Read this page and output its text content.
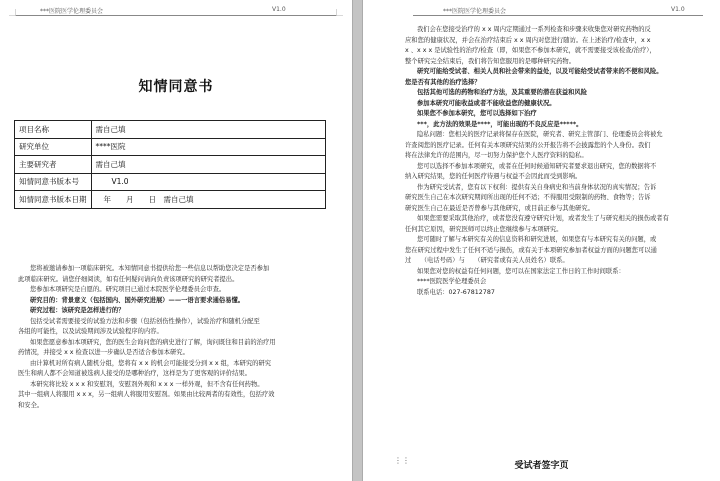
***医院医学伦理委员会	V1.0
知情同意书
项目名称	需自己填
研究单位	****医院
主要研究者	需自己填
知情同意书版本号	V1.0
知情同意书版本日期	年　　月　　日　需自己填

您将被邀请参加一项临床研究。本知情同意书提供给您一些信息以帮助您决定是否参加

此项临床研究。请您仔细阅读，如有任何疑问请向负责该项研究的研究者提出。

您参加本项研究是自愿的。研究项目已通过本院医学伦理委员会审查。

研究目的：背景意义（包括国内、国外研究进展）——一语言要求通俗易懂。

研究过程：该研究是怎样进行的？

包括受试者需要接受的试验方法和步骤（包括创伤性操作），试验治疗和随机分配至

各组的可能性，以及试验期间涉及试验程序的内容。

如果您愿意参加本项研究，您的医生会询问您的病史进行了解，询问既往和目前的治疗用

药情况，并接受 x x 检查以进一步确认是否适合参加本研究。

由计算机对所有病人随机分组，您将有 x x 的机会可能接受分到 x x 组，本研究的研究

医生和病人都不会知道被选病人接受的是哪种治疗，这样是为了更客观的评价结果。

本研究将比较 x x x 和安慰剂，安慰剂外观和 x x x 一样外观，但不含有任何药物。

其中一组病人将服用 x x x，另一组病人将服用安慰剂。如果由比较两者的有效性，包括疗效

和安全。

***医院医学伦理委员会	V1.0

我们会在您接受治疗的 x x 周内定期通过一系列检查和步骤来收集您对研究药物的反

应和您的健康状况，并会在治疗结束后 x x 周内对您进行随访。在上述治疗/检查中，x x

x 、x x x 是试验性的治疗/检查（即，如果您不参加本研究，就不需要接受该检查/治疗），

整个研究完全结束后，我们将告知您服用的是哪种研究药物。

研究可能给受试者、相关人员和社会带来的益处，以及可能给受试者带来的不便和风险。

您是否有其他的治疗选择？

包括其他可选的药物和治疗方法，及其重要的潜在获益和风险

参加本研究可能收益或者不能收益您的健康状况。

如果您不参加本研究，您可以选择如下治疗

***，此方法的效果是****，可能出现的不良反应是*****。

隐私问题：您相关的医疗记录将保存在医院，研究者、研究主管部门、伦理委员会将被允

许查阅您的医疗记录。任何有关本项研究结果的公开报告将不会披露您的个人身份。我们

将在法律允许的范围内，尽一切努力保护您个人医疗资料的隐私。

您可以选择不参加本项研究，或者在任何时候通知研究者要求退出研究，您的数据将不

纳入研究结果，您的任何医疗待遇与权益不会因此而受到影响。

作为研究受试者，您有以下权利：提供有关自身病史和当前身体状况的真实情况；告诉

研究医生自己在本次研究期间所出现的任何不适；不得服用受限制的药物、食物等；告诉

研究医生自己在最近是否曾参与其他研究，或目前正参与其他研究。

如果您需要采取其他治疗，或者您没有遵守研究计划，或者发生了与研究相关的损伤或者有

任何其它原因，研究医师可以终止您继续参与本项研究。

您可随时了解与本研究有关的信息资料和研究进展，如果您有与本研究有关的问题，或

您在研究过程中发生了任何不适与损伤，或有关于本项研究参加者权益方面的问题您可以通

过　　（电话号码）与　　（研究者或有关人员姓名）联系。

如果您对您的权益有任何问题，您可以在国家法定工作日的工作时间联系：

****医院医学伦理委员会

联系电话：027-67812787

受试者签字页
⋮⋮
